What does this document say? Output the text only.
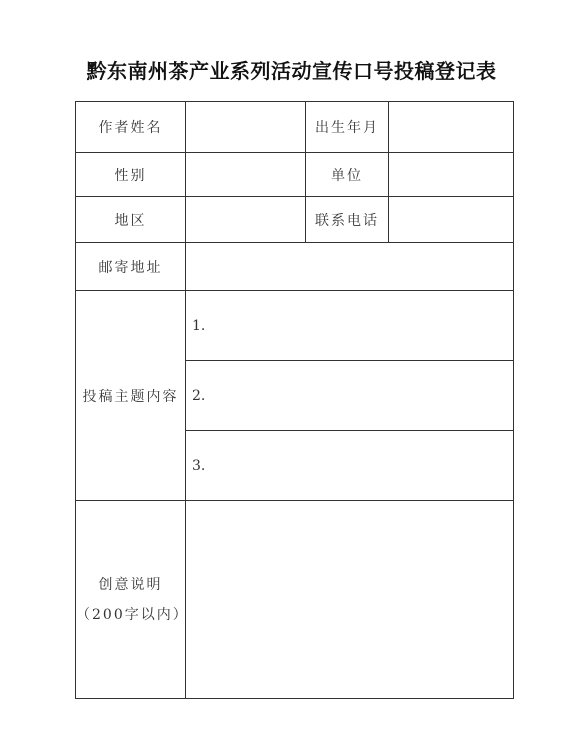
黔东南州茶产业系列活动宣传口号投稿登记表
作者姓名		出生年月	
性别		单位	
地区		联系电话	
邮寄地址			
投稿主题内容	1.		
	2.		
	3.		

创意说明
（200字以内）			
